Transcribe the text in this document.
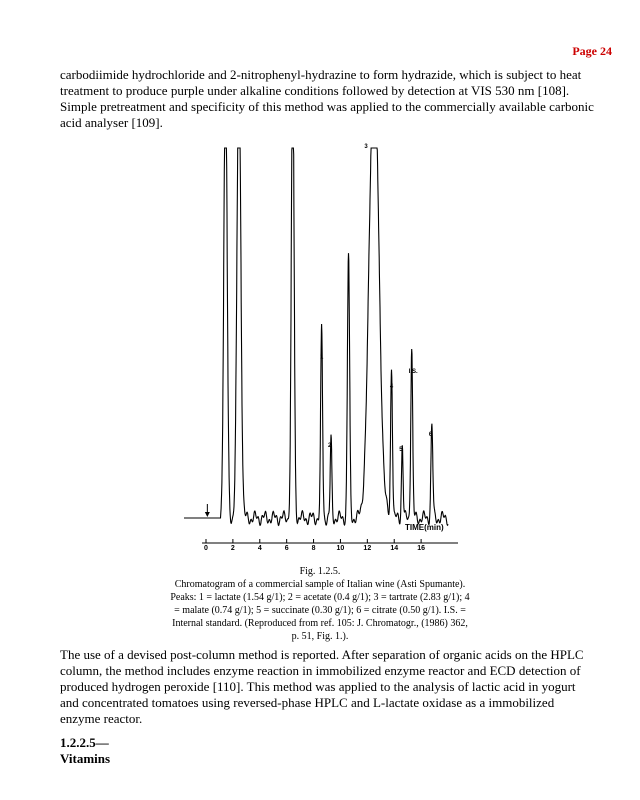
Page 24

carbodiimide hydrochloride and 2-nitrophenyl-hydrazine to form hydrazide, which is subject to heat treatment to produce purple under alkaline conditions followed by detection at VIS 530 nm [108]. Simple pretreatment and specificity of this method was applied to the commercially available carbonic acid analyser [109].

0	2	4	6	8	10	12	14	16
1
2
3
4
5
I.S.
6
TIME(min)

Fig. 1.2.5.
Chromatogram of a commercial sample of Italian wine (Asti Spumante). Peaks: 1 = lactate (1.54 g/1); 2 = acetate (0.4 g/1); 3 = tartrate (2.83 g/1); 4 = malate (0.74 g/1); 5 = succinate (0.30 g/1); 6 = citrate (0.50 g/1). I.S. = Internal standard. (Reproduced from ref. 105: J. Chromatogr., (1986) 362, p. 51, Fig. 1.).

The use of a devised post-column method is reported. After separation of organic acids on the HPLC column, the method includes enzyme reaction in immobilized enzyme reactor and ECD detection of produced hydrogen peroxide [110]. This method was applied to the analysis of lactic acid in yogurt and concentrated tomatoes using reversed-phase HPLC and L-lactate oxidase as a immobilized enzyme reactor.

1.2.2.5—
Vitamins
